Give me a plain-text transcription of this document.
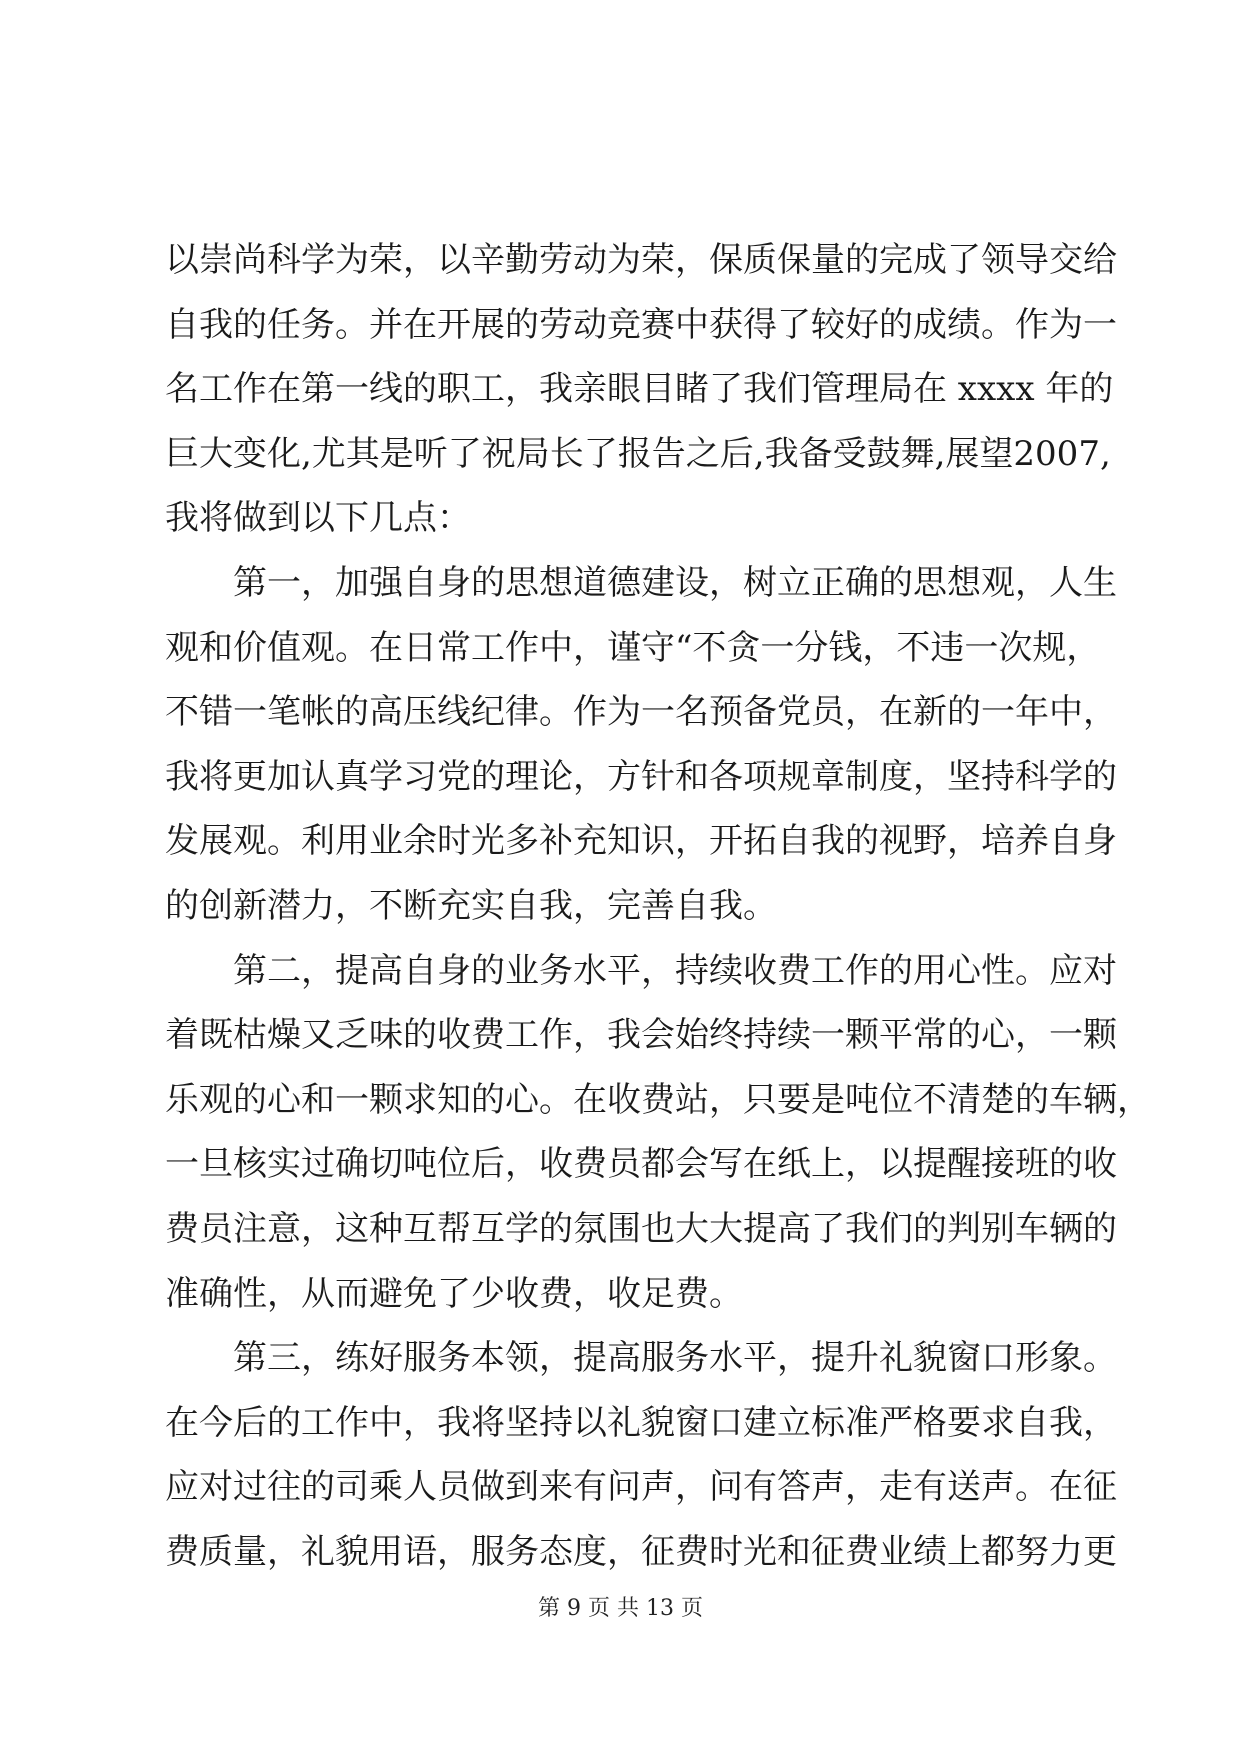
以崇尚科学为荣，以辛勤劳动为荣，保质保量的完成了领导交给
自我的任务。并在开展的劳动竞赛中获得了较好的成绩。作为一
名工作在第一线的职工，我亲眼目睹了我们管理局在 xxxx 年的
巨大变化,尤其是听了祝局长了报告之后,我备受鼓舞,展望2007,
我将做到以下几点：
第一，加强自身的思想道德建设，树立正确的思想观，人生
观和价值观。在日常工作中，谨守“不贪一分钱，不违一次规，
不错一笔帐的高压线纪律。作为一名预备党员，在新的一年中，
我将更加认真学习党的理论，方针和各项规章制度，坚持科学的
发展观。利用业余时光多补充知识，开拓自我的视野，培养自身
的创新潜力，不断充实自我，完善自我。
第二，提高自身的业务水平，持续收费工作的用心性。应对
着既枯燥又乏味的收费工作，我会始终持续一颗平常的心，一颗
乐观的心和一颗求知的心。在收费站，只要是吨位不清楚的车辆，
一旦核实过确切吨位后，收费员都会写在纸上，以提醒接班的收
费员注意，这种互帮互学的氛围也大大提高了我们的判别车辆的
准确性，从而避免了少收费，收足费。
第三，练好服务本领，提高服务水平，提升礼貌窗口形象。
在今后的工作中，我将坚持以礼貌窗口建立标准严格要求自我，
应对过往的司乘人员做到来有问声，问有答声，走有送声。在征
费质量，礼貌用语，服务态度，征费时光和征费业绩上都努力更
第 9 页 共 13 页
